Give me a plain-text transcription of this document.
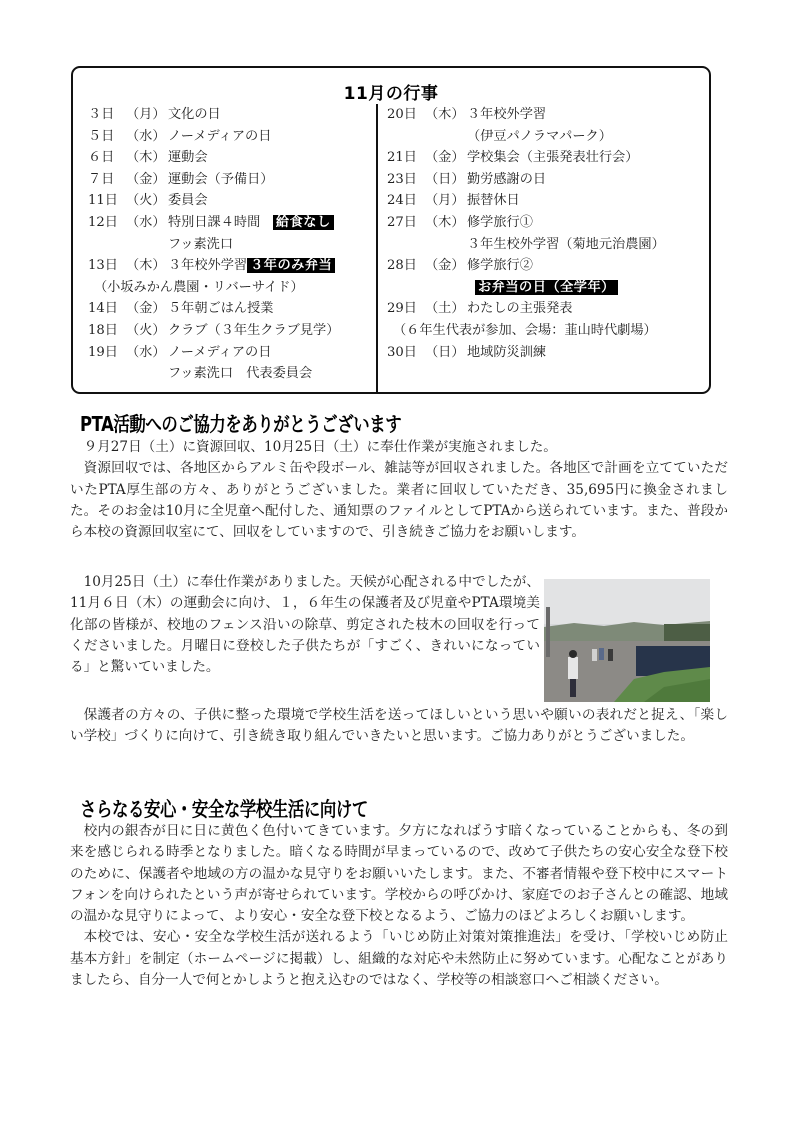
11月の行事
３日 （月） 文化の日
５日 （水） ノーメディアの日
６日 （木） 運動会
７日 （金） 運動会（予備日）
11日 （火） 委員会
12日 （水） 特別日課４時間 給食なし
フッ素洗口
13日 （木） ３年校外学習 ３年のみ弁当
（小坂みかん農園・リバーサイド）
14日 （金） ５年朝ごはん授業
18日 （火） クラブ（３年生クラブ見学）
19日 （水） ノーメディアの日
フッ素洗口　代表委員会
20日 （木） ３年校外学習
（伊豆パノラマパーク）
21日 （金） 学校集会（主張発表壮行会）
23日 （日） 勤労感謝の日
24日 （月） 振替休日
27日 （木） 修学旅行①
３年生校外学習（菊地元治農園）
28日 （金） 修学旅行②
お弁当の日（全学年）
29日 （土） わたしの主張発表
（６年生代表が参加、会場：韮山時代劇場）
30日 （日） 地域防災訓練
PTA活動へのご協力をありがとうございます

９月27日（土）に資源回収、10月25日（土）に奉仕作業が実施されました。

資源回収では、各地区からアルミ缶や段ボール、雑誌等が回収されました。各地区で計画を立てていただいたPTA厚生部の方々、ありがとうございました。業者に回収していただき、35,695円に換金されました。そのお金は10月に全児童へ配付した、通知票のファイルとしてPTAから送られています。また、普段から本校の資源回収室にて、回収をしていますので、引き続きご協力をお願いします。

10月25日（土）に奉仕作業がありました。天候が心配される中でしたが、11月６日（木）の運動会に向け、１，６年生の保護者及び児童やPTA環境美化部の皆様が、校地のフェンス沿いの除草、剪定された枝木の回収を行ってくださいました。月曜日に登校した子供たちが「すごく、きれいになっている」と驚いていました。

保護者の方々の、子供に整った環境で学校生活を送ってほしいという思いや願いの表れだと捉え、「楽しい学校」づくりに向けて、引き続き取り組んでいきたいと思います。ご協力ありがとうございました。

さらなる安心・安全な学校生活に向けて

校内の銀杏が日に日に黄色く色付いてきています。夕方になればうす暗くなっていることからも、冬の到来を感じられる時季となりました。暗くなる時間が早まっているので、改めて子供たちの安心安全な登下校のために、保護者や地域の方の温かな見守りをお願いいたします。また、不審者情報や登下校中にスマートフォンを向けられたという声が寄せられています。学校からの呼びかけ、家庭でのお子さんとの確認、地域の温かな見守りによって、より安心・安全な登下校となるよう、ご協力のほどよろしくお願いします。

本校では、安心・安全な学校生活が送れるよう「いじめ防止対策対策推進法」を受け、「学校いじめ防止基本方針」を制定（ホームページに掲載）し、組織的な対応や未然防止に努めています。心配なことがありましたら、自分一人で何とかしようと抱え込むのではなく、学校等の相談窓口へご相談ください。
